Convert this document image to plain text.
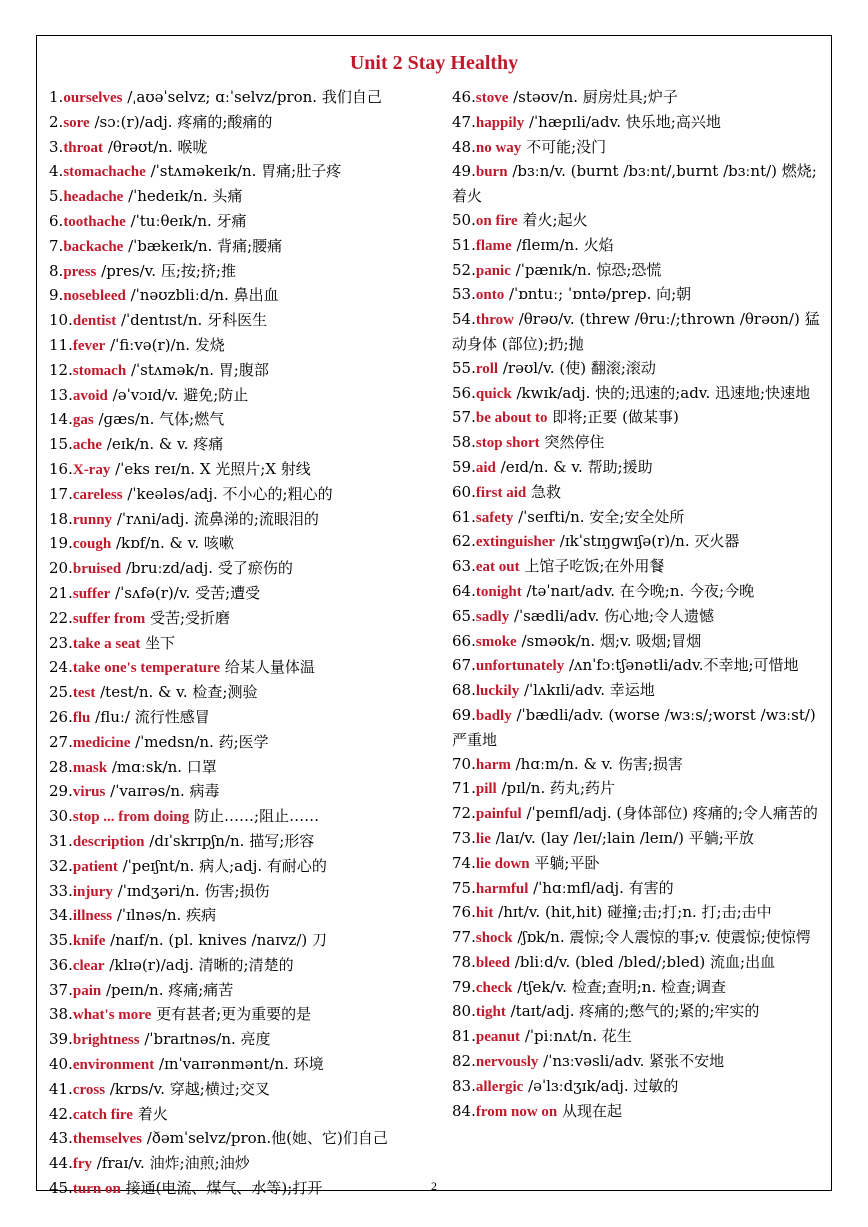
Unit 2 Stay Healthy
1.ourselves /ˌaʊəˈselvz; ɑːˈselvz/pron. 我们自己
2.sore /sɔː(r)/adj. 疼痛的;酸痛的
3.throat /θrəʊt/n. 喉咙
4.stomachache /ˈstʌməkeɪk/n. 胃痛;肚子疼
5.headache /ˈhedeɪk/n. 头痛
6.toothache /ˈtuːθeɪk/n. 牙痛
7.backache /ˈbækeɪk/n. 背痛;腰痛
8.press /pres/v. 压;按;挤;推
9.nosebleed /ˈnəʊzbliːd/n. 鼻出血
10.dentist /ˈdentɪst/n. 牙科医生
11.fever /ˈfiːvə(r)/n. 发烧
12.stomach /ˈstʌmək/n. 胃;腹部
13.avoid /əˈvɔɪd/v. 避免;防止
14.gas /ɡæs/n. 气体;燃气
15.ache /eɪk/n. & v. 疼痛
16.X-ray /ˈeks reɪ/n. X 光照片;X 射线
17.careless /ˈkeələs/adj. 不小心的;粗心的
18.runny /ˈrʌni/adj. 流鼻涕的;流眼泪的
19.cough /kɒf/n. & v. 咳嗽
20.bruised /bruːzd/adj. 受了瘀伤的
21.suffer /ˈsʌfə(r)/v. 受苦;遭受
22.suffer from 受苦;受折磨
23.take a seat 坐下
24.take one's temperature 给某人量体温
25.test /test/n. & v. 检查;测验
26.flu /fluː/ 流行性感冒
27.medicine /ˈmedsn/n. 药;医学
28.mask /mɑːsk/n. 口罩
29.virus /ˈvaɪrəs/n. 病毒
30.stop ... from doing 防止……;阻止……
31.description /dɪˈskrɪpʃn/n. 描写;形容
32.patient /ˈpeɪʃnt/n. 病人;adj. 有耐心的
33.injury /ˈɪndʒəri/n. 伤害;损伤
34.illness /ˈɪlnəs/n. 疾病
35.knife /naɪf/n. (pl. knives /naɪvz/) 刀
36.clear /klɪə(r)/adj. 清晰的;清楚的
37.pain /peɪn/n. 疼痛;痛苦
38.what's more 更有甚者;更为重要的是
39.brightness /ˈbraɪtnəs/n. 亮度
40.environment /ɪnˈvaɪrənmənt/n. 环境
41.cross /krɒs/v. 穿越;横过;交叉
42.catch fire 着火
43.themselves /ðəmˈselvz/pron.他(她、它)们自己
44.fry /fraɪ/v. 油炸;油煎;油炒
45.turn on 接通(电流、煤气、水等);打开
46.stove /stəʊv/n. 厨房灶具;炉子
47.happily /ˈhæpɪli/adv. 快乐地;高兴地
48.no way 不可能;没门
49.burn /bɜːn/v. (burnt /bɜːnt/,burnt /bɜːnt/) 燃烧;着火
50.on fire 着火;起火
51.flame /fleɪm/n. 火焰
52.panic /ˈpænɪk/n. 惊恐;恐慌
53.onto /ˈɒntuː; ˈɒntə/prep. 向;朝
54.throw /θrəʊ/v. (threw /θruː/;thrown /θrəʊn/) 猛动身体 (部位);扔;抛
55.roll /rəʊl/v. (使) 翻滚;滚动
56.quick /kwɪk/adj. 快的;迅速的;adv. 迅速地;快速地
57.be about to 即将;正要 (做某事)
58.stop short 突然停住
59.aid /eɪd/n. & v. 帮助;援助
60.first aid 急救
61.safety /ˈseɪfti/n. 安全;安全处所
62.extinguisher /ɪkˈstɪŋɡwɪʃə(r)/n. 灭火器
63.eat out 上馆子吃饭;在外用餐
64.tonight /təˈnaɪt/adv. 在今晚;n. 今夜;今晚
65.sadly /ˈsædli/adv. 伤心地;令人遗憾
66.smoke /sməʊk/n. 烟;v. 吸烟;冒烟
67.unfortunately /ʌnˈfɔːtʃənətli/adv.不幸地;可惜地
68.luckily /ˈlʌkɪli/adv. 幸运地
69.badly /ˈbædli/adv. (worse /wɜːs/;worst /wɜːst/) 严重地
70.harm /hɑːm/n. & v. 伤害;损害
71.pill /pɪl/n. 药丸;药片
72.painful /ˈpeɪnfl/adj. (身体部位) 疼痛的;令人痛苦的
73.lie /laɪ/v. (lay /leɪ/;lain /leɪn/) 平躺;平放
74.lie down 平躺;平卧
75.harmful /ˈhɑːmfl/adj. 有害的
76.hit /hɪt/v. (hit,hit) 碰撞;击;打;n. 打;击;击中
77.shock /ʃɒk/n. 震惊;令人震惊的事;v. 使震惊;使惊愕
78.bleed /bliːd/v. (bled /bled/;bled) 流血;出血
79.check /tʃek/v. 检查;查明;n. 检查;调查
80.tight /taɪt/adj. 疼痛的;憋气的;紧的;牢实的
81.peanut /ˈpiːnʌt/n. 花生
82.nervously /ˈnɜːvəsli/adv. 紧张不安地
83.allergic /əˈlɜːdʒɪk/adj. 过敏的
84.from now on 从现在起
2
